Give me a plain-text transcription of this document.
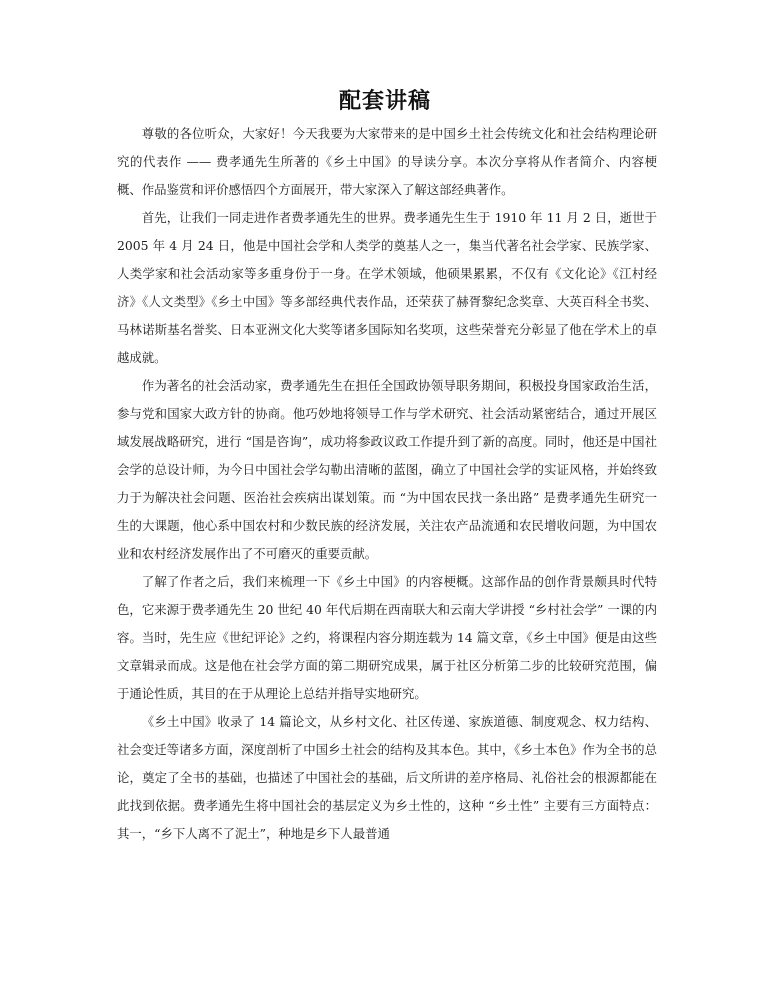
配套讲稿

尊敬的各位听众，大家好！今天我要为大家带来的是中国乡土社会传统文化和社会结构理论研究的代表作 —— 费孝通先生所著的《乡土中国》的导读分享。本次分享将从作者简介、内容梗概、作品鉴赏和评价感悟四个方面展开，带大家深入了解这部经典著作。

首先，让我们一同走进作者费孝通先生的世界。费孝通先生生于 1910 年 11 月 2 日，逝世于 2005 年 4 月 24 日，他是中国社会学和人类学的奠基人之一，集当代著名社会学家、民族学家、人类学家和社会活动家等多重身份于一身。在学术领域，他硕果累累，不仅有《文化论》《江村经济》《人文类型》《乡土中国》等多部经典代表作品，还荣获了赫胥黎纪念奖章、大英百科全书奖、马林诺斯基名誉奖、日本亚洲文化大奖等诸多国际知名奖项，这些荣誉充分彰显了他在学术上的卓越成就。

作为著名的社会活动家，费孝通先生在担任全国政协领导职务期间，积极投身国家政治生活，参与党和国家大政方针的协商。他巧妙地将领导工作与学术研究、社会活动紧密结合，通过开展区域发展战略研究，进行 “国是咨询”，成功将参政议政工作提升到了新的高度。同时，他还是中国社会学的总设计师，为今日中国社会学勾勒出清晰的蓝图，确立了中国社会学的实证风格，并始终致力于为解决社会问题、医治社会疾病出谋划策。而 “为中国农民找一条出路” 是费孝通先生研究一生的大课题，他心系中国农村和少数民族的经济发展，关注农产品流通和农民增收问题，为中国农业和农村经济发展作出了不可磨灭的重要贡献。

了解了作者之后，我们来梳理一下《乡土中国》的内容梗概。这部作品的创作背景颇具时代特色，它来源于费孝通先生 20 世纪 40 年代后期在西南联大和云南大学讲授 “乡村社会学” 一课的内容。当时，先生应《世纪评论》之约，将课程内容分期连载为 14 篇文章，《乡土中国》便是由这些文章辑录而成。这是他在社会学方面的第二期研究成果，属于社区分析第二步的比较研究范围，偏于通论性质，其目的在于从理论上总结并指导实地研究。

《乡土中国》收录了 14 篇论文，从乡村文化、社区传递、家族道德、制度观念、权力结构、社会变迁等诸多方面，深度剖析了中国乡土社会的结构及其本色。其中，《乡土本色》作为全书的总论，奠定了全书的基础，也描述了中国社会的基础，后文所讲的差序格局、礼俗社会的根源都能在此找到依据。费孝通先生将中国社会的基层定义为乡土性的，这种 “乡土性” 主要有三方面特点：其一，“乡下人离不了泥土”，种地是乡下人最普通
